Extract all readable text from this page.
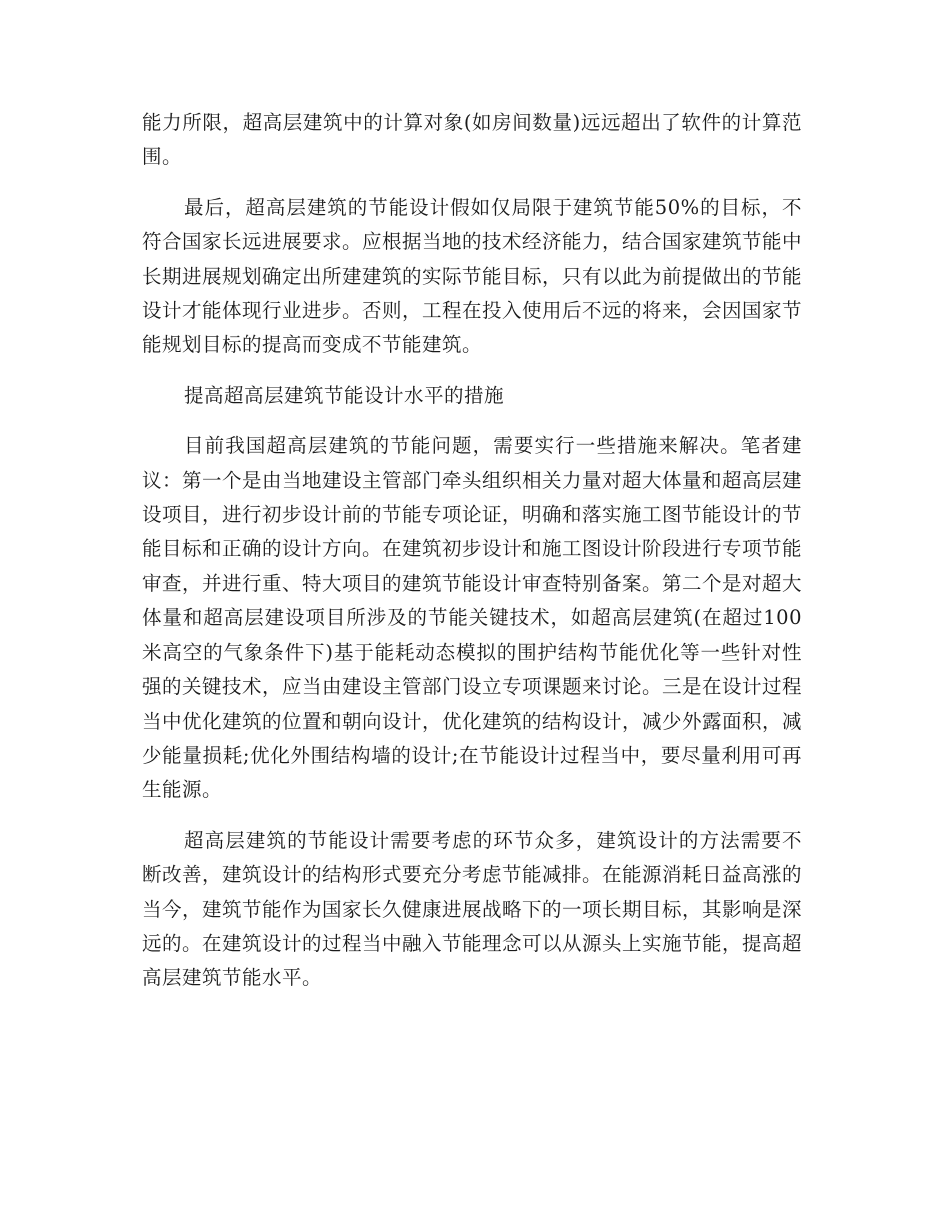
能力所限，超高层建筑中的计算对象(如房间数量)远远超出了软件的计算范围。

最后，超高层建筑的节能设计假如仅局限于建筑节能50%的目标，不符合国家长远进展要求。应根据当地的技术经济能力，结合国家建筑节能中长期进展规划确定出所建建筑的实际节能目标，只有以此为前提做出的节能设计才能体现行业进步。否则，工程在投入使用后不远的将来，会因国家节能规划目标的提高而变成不节能建筑。

提高超高层建筑节能设计水平的措施

目前我国超高层建筑的节能问题，需要实行一些措施来解决。笔者建议：第一个是由当地建设主管部门牵头组织相关力量对超大体量和超高层建设项目，进行初步设计前的节能专项论证，明确和落实施工图节能设计的节能目标和正确的设计方向。在建筑初步设计和施工图设计阶段进行专项节能审查，并进行重、特大项目的建筑节能设计审查特别备案。第二个是对超大体量和超高层建设项目所涉及的节能关键技术，如超高层建筑(在超过100米高空的气象条件下)基于能耗动态模拟的围护结构节能优化等一些针对性强的关键技术，应当由建设主管部门设立专项课题来讨论。三是在设计过程当中优化建筑的位置和朝向设计，优化建筑的结构设计，减少外露面积，减少能量损耗;优化外围结构墙的设计;在节能设计过程当中，要尽量利用可再生能源。

超高层建筑的节能设计需要考虑的环节众多，建筑设计的方法需要不断改善，建筑设计的结构形式要充分考虑节能减排。在能源消耗日益高涨的当今，建筑节能作为国家长久健康进展战略下的一项长期目标，其影响是深远的。在建筑设计的过程当中融入节能理念可以从源头上实施节能，提高超高层建筑节能水平。
